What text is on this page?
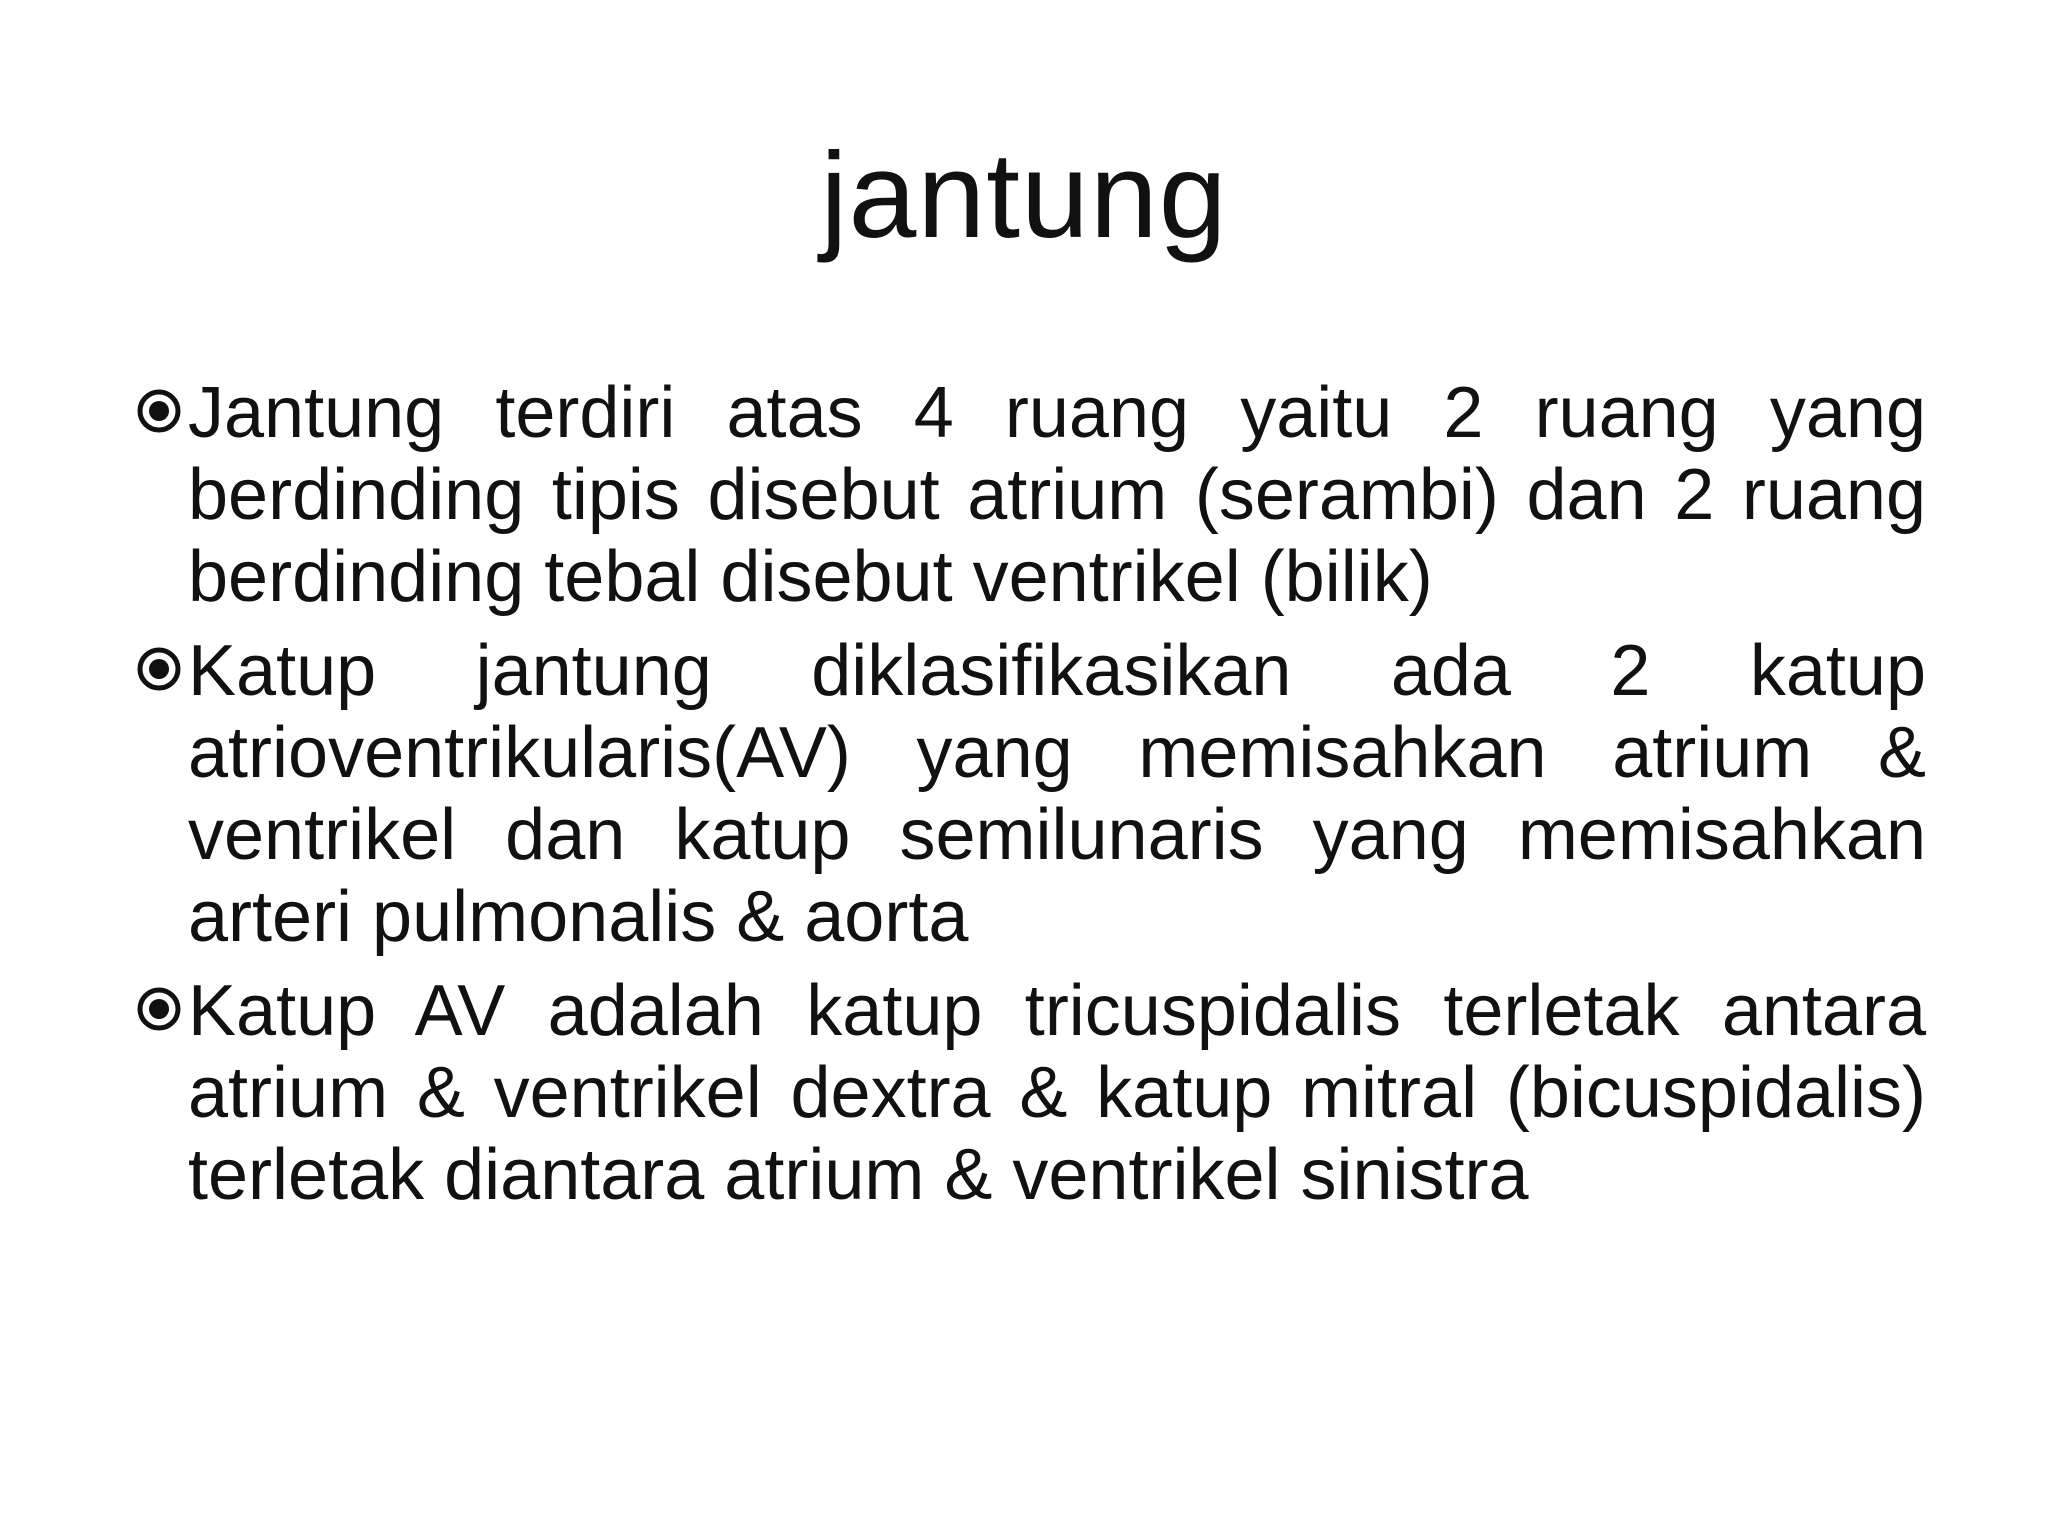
jantung
Jantung terdiri atas 4 ruang yaitu 2 ruang yang berdinding tipis disebut atrium (serambi) dan 2 ruang berdinding tebal disebut ventrikel (bilik)
Katup jantung diklasifikasikan ada 2 katup atrioventrikularis(AV) yang memisahkan atrium & ventrikel dan katup semilunaris yang memisahkan arteri pulmonalis & aorta
Katup AV adalah katup tricuspidalis terletak antara atrium & ventrikel dextra & katup mitral (bicuspidalis) terletak diantara atrium & ventrikel sinistra
